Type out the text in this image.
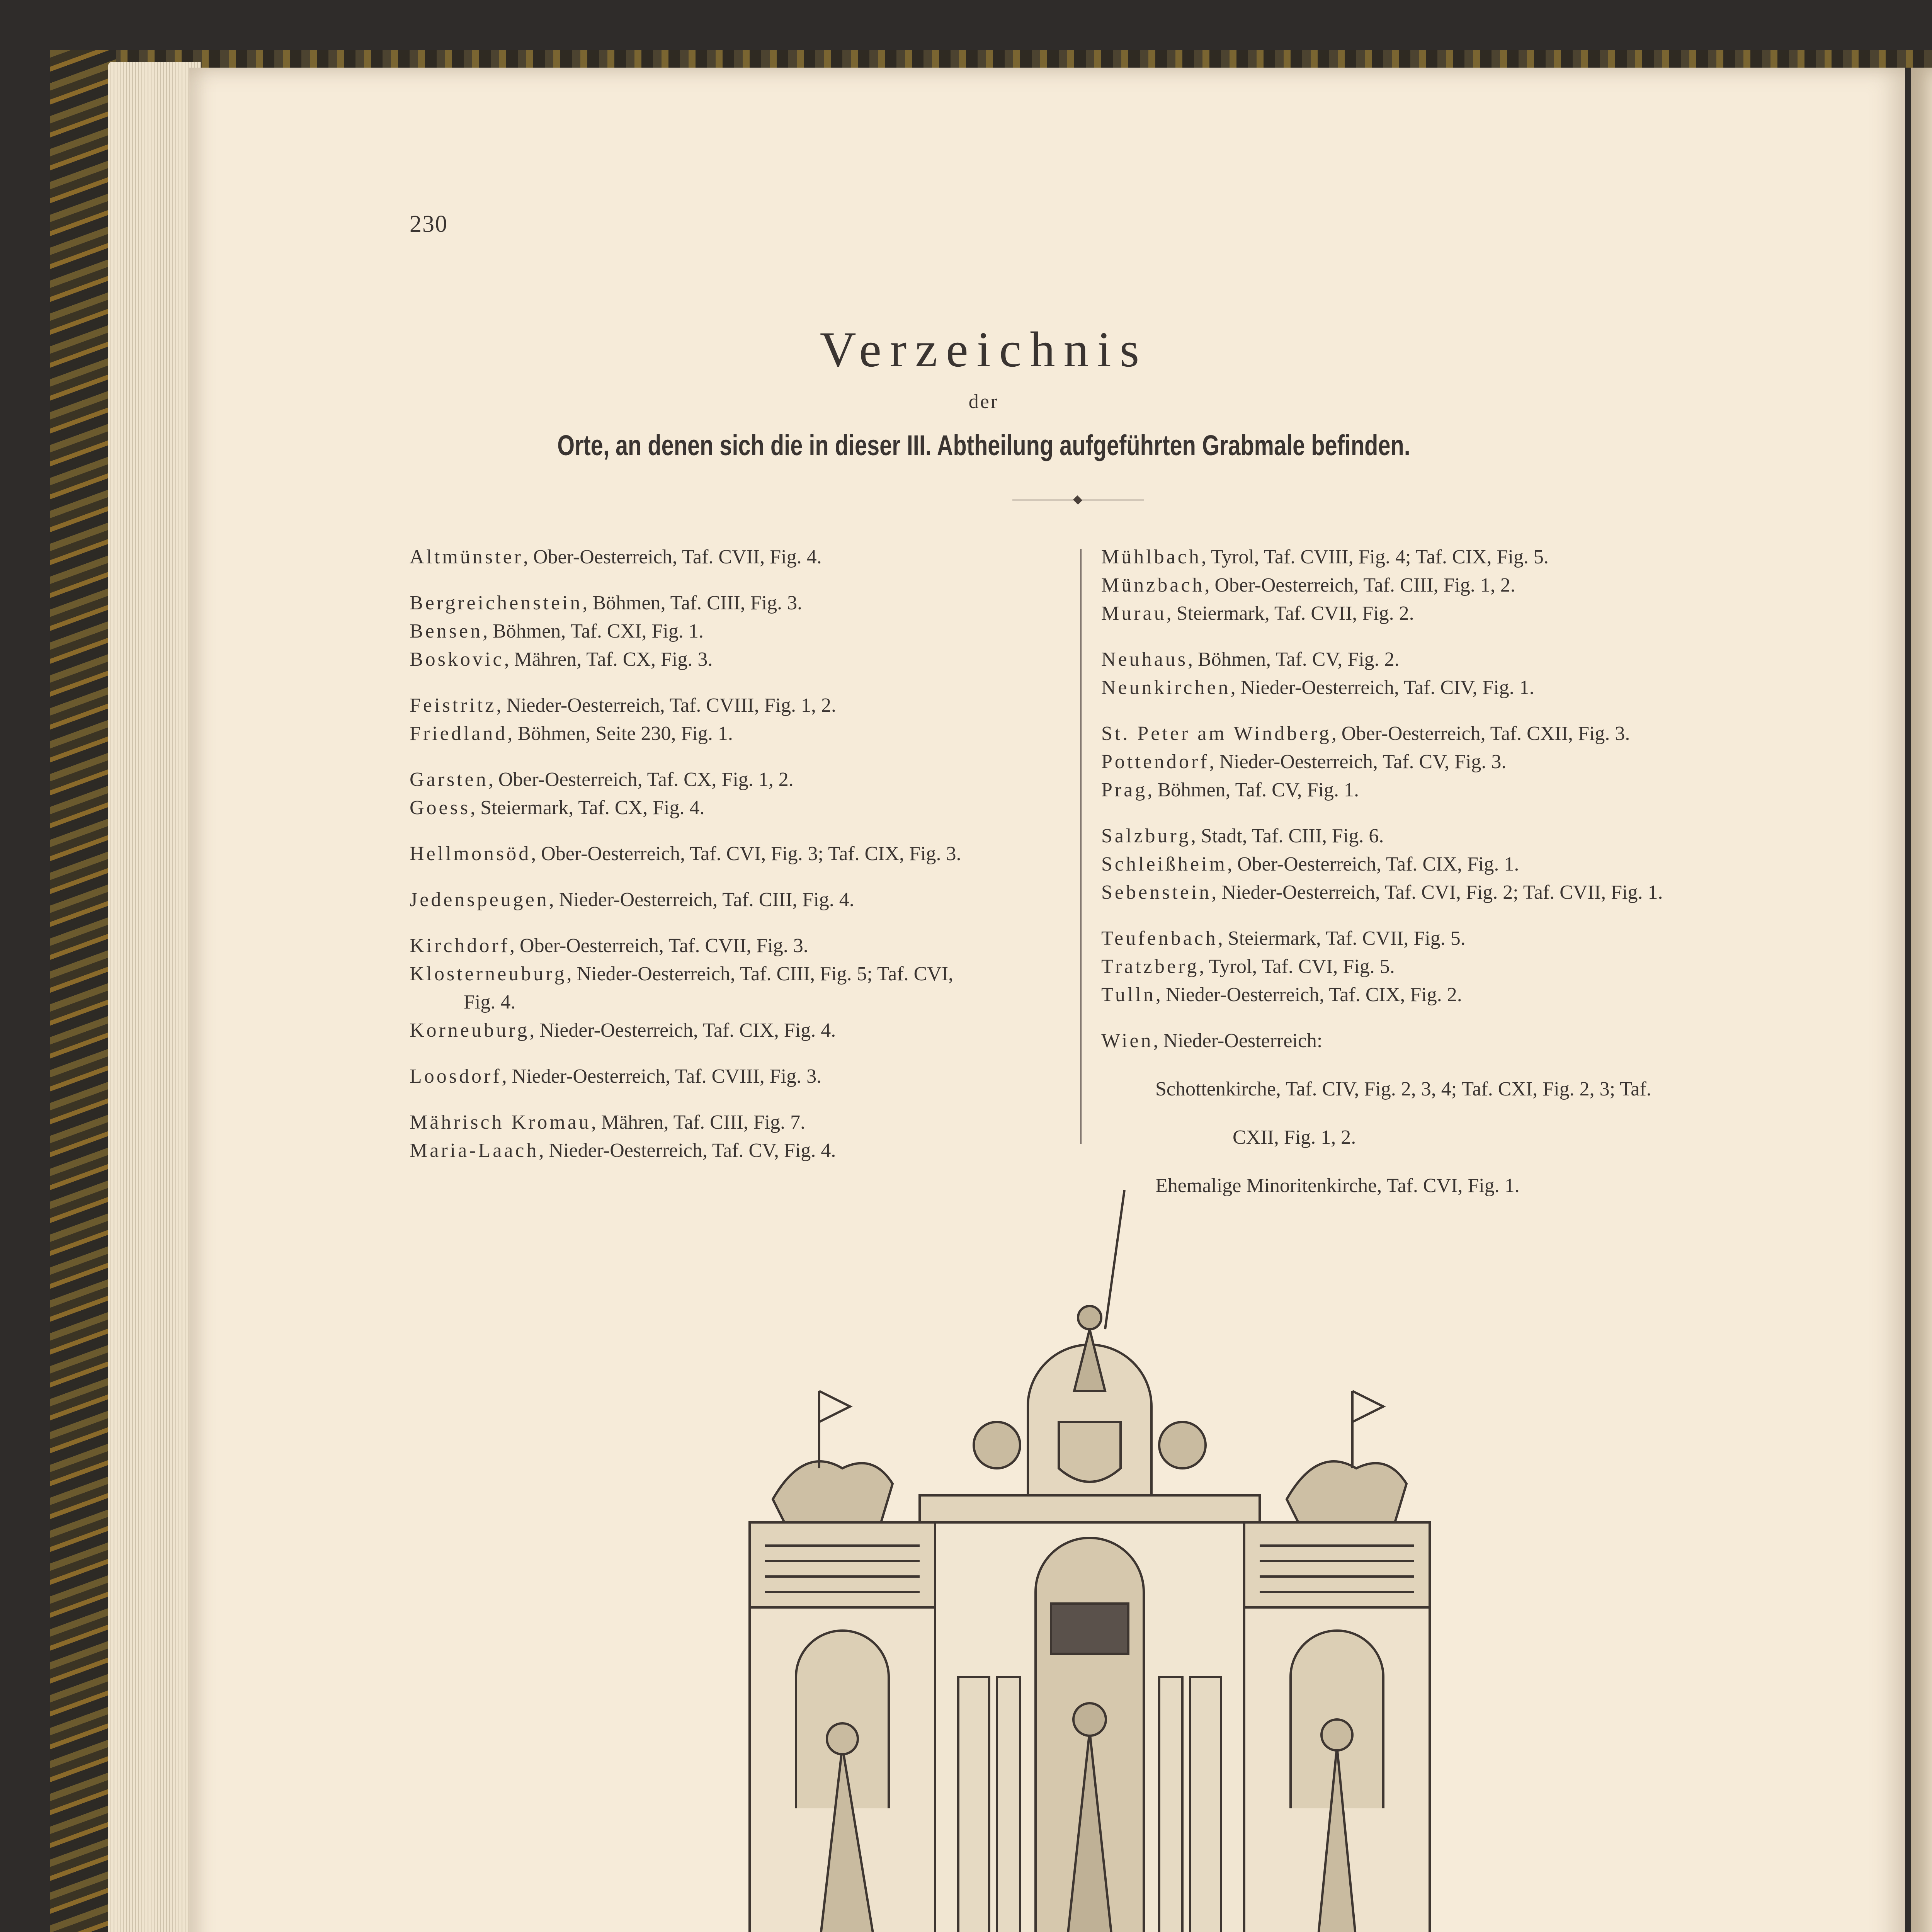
230
Verzeichnis
der
Orte, an denen sich die in dieser III. Abtheilung aufgeführten Grabmale befinden.

Altmünster, Ober-Oesterreich, Taf. CVII, Fig. 4.

Bergreichenstein, Böhmen, Taf. CIII, Fig. 3.

Bensen, Böhmen, Taf. CXI, Fig. 1.

Boskovic, Mähren, Taf. CX, Fig. 3.

Feistritz, Nieder-Oesterreich, Taf. CVIII, Fig. 1, 2.

Friedland, Böhmen, Seite 230, Fig. 1.

Garsten, Ober-Oesterreich, Taf. CX, Fig. 1, 2.

Goess, Steiermark, Taf. CX, Fig. 4.

Hellmonsöd, Ober-Oesterreich, Taf. CVI, Fig. 3; Taf. CIX, Fig. 3.

Jedenspeugen, Nieder-Oesterreich, Taf. CIII, Fig. 4.

Kirchdorf, Ober-Oesterreich, Taf. CVII, Fig. 3.

Klosterneuburg, Nieder-Oesterreich, Taf. CIII, Fig. 5; Taf. CVI,

Fig. 4.

Korneuburg, Nieder-Oesterreich, Taf. CIX, Fig. 4.

Loosdorf, Nieder-Oesterreich, Taf. CVIII, Fig. 3.

Mährisch Kromau, Mähren, Taf. CIII, Fig. 7.

Maria-Laach, Nieder-Oesterreich, Taf. CV, Fig. 4.

Mühlbach, Tyrol, Taf. CVIII, Fig. 4; Taf. CIX, Fig. 5.

Münzbach, Ober-Oesterreich, Taf. CIII, Fig. 1, 2.

Murau, Steiermark, Taf. CVII, Fig. 2.

Neuhaus, Böhmen, Taf. CV, Fig. 2.

Neunkirchen, Nieder-Oesterreich, Taf. CIV, Fig. 1.

St. Peter am Windberg, Ober-Oesterreich, Taf. CXII, Fig. 3.

Pottendorf, Nieder-Oesterreich, Taf. CV, Fig. 3.

Prag, Böhmen, Taf. CV, Fig. 1.

Salzburg, Stadt, Taf. CIII, Fig. 6.

Schleißheim, Ober-Oesterreich, Taf. CIX, Fig. 1.

Sebenstein, Nieder-Oesterreich, Taf. CVI, Fig. 2; Taf. CVII, Fig. 1.

Teufenbach, Steiermark, Taf. CVII, Fig. 5.

Tratzberg, Tyrol, Taf. CVI, Fig. 5.

Tulln, Nieder-Oesterreich, Taf. CIX, Fig. 2.

Wien, Nieder-Oesterreich:

Schottenkirche, Taf. CIV, Fig. 2, 3, 4; Taf. CXI, Fig. 2, 3; Taf.

CXII, Fig. 1, 2.

Ehemalige Minoritenkirche, Taf. CVI, Fig. 1.
